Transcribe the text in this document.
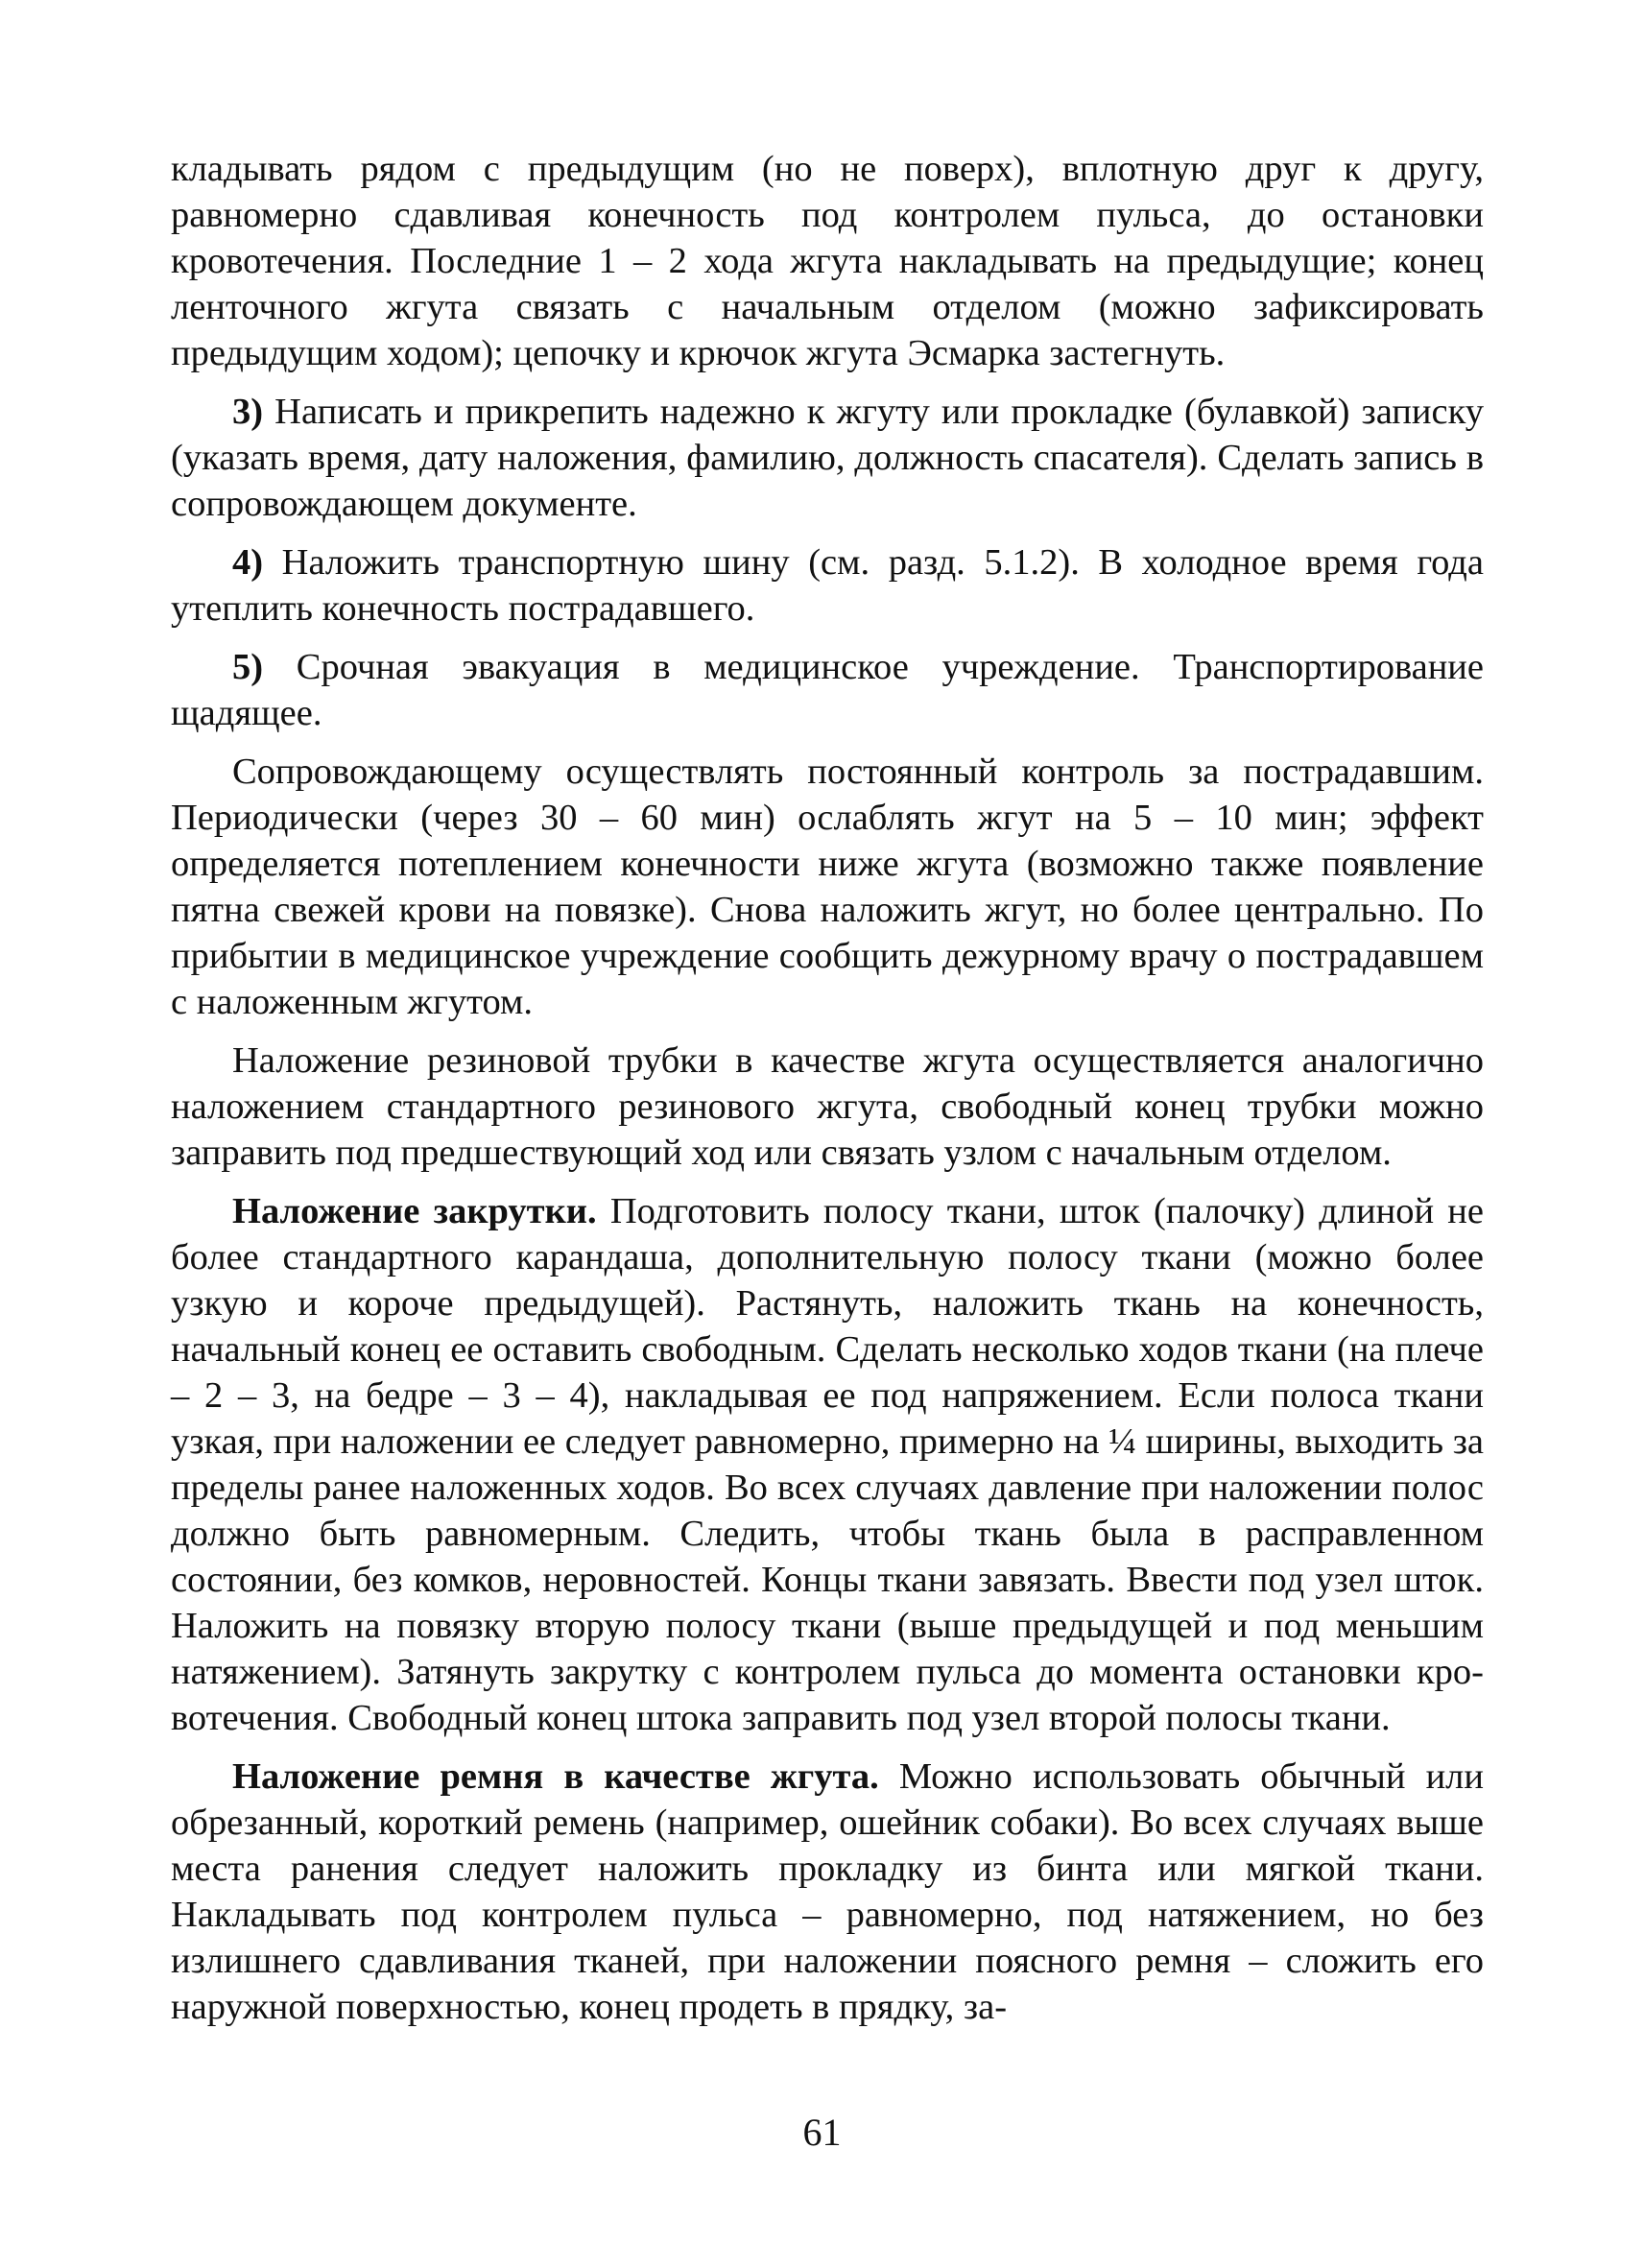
кладывать рядом с предыдущим (но не поверх), вплотную друг к другу, равномерно сдавливая конечность под контролем пульса, до остановки кровотечения. Последние 1 – 2 хода жгута накладывать на предыдущие; конец ленточного жгута связать с начальным отделом (можно зафиксировать предыдущим ходом); цепочку и крючок жгута Эсмарка застегнуть.

3) Написать и прикрепить надежно к жгуту или прокладке (булавкой) записку (указать время, дату наложения, фамилию, должность спасателя). Сделать запись в сопровождающем документе.

4) Наложить транспортную шину (см. разд. 5.1.2). В холодное время года утеплить конечность пострадавшего.

5) Срочная эвакуация в медицинское учреждение. Транспортирование щадящее.

Сопровождающему осуществлять постоянный контроль за пострадавшим. Периодически (через 30 – 60 мин) ослаблять жгут на 5 – 10 мин; эффект определяется потеплением конечности ниже жгута (возможно также появление пятна свежей крови на повязке). Снова наложить жгут, но более центрально. По прибытии в медицинское учреждение сообщить дежурному врачу о пострадавшем с наложенным жгутом.

Наложение резиновой трубки в качестве жгута осуществляется аналогично наложением стандартного резинового жгута, свободный конец трубки можно заправить под предшествующий ход или связать узлом с начальным отделом.

Наложение закрутки. Подготовить полосу ткани, шток (палочку) длиной не более стандартного карандаша, дополнительную полосу ткани (можно более узкую и короче предыдущей). Растянуть, наложить ткань на конечность, начальный конец ее оставить свободным. Сделать несколько ходов ткани (на плече – 2 – 3, на бедре – 3 – 4), накладывая ее под напряжением. Если полоса ткани узкая, при наложении ее следует равномерно, примерно на ¼ ширины, выходить за пределы ранее наложенных ходов. Во всех случаях давление при наложении полос должно быть равномерным. Следить, чтобы ткань была в расправленном состоянии, без комков, неровностей. Концы ткани завязать. Ввести под узел шток. Наложить на повязку вторую полосу ткани (выше предыдущей и под меньшим натяжением). Затянуть закрутку с контролем пульса до момента остановки кровотечения. Свободный конец штока заправить под узел второй полосы ткани.

Наложение ремня в качестве жгута. Можно использовать обычный или обрезанный, короткий ремень (например, ошейник собаки). Во всех случаях выше места ранения следует наложить прокладку из бинта или мягкой ткани. Накладывать под контролем пульса – равномерно, под натяжением, но без излишнего сдавливания тканей, при наложении поясного ремня – сложить его наружной поверхностью, конец продеть в прядку, за-

61
